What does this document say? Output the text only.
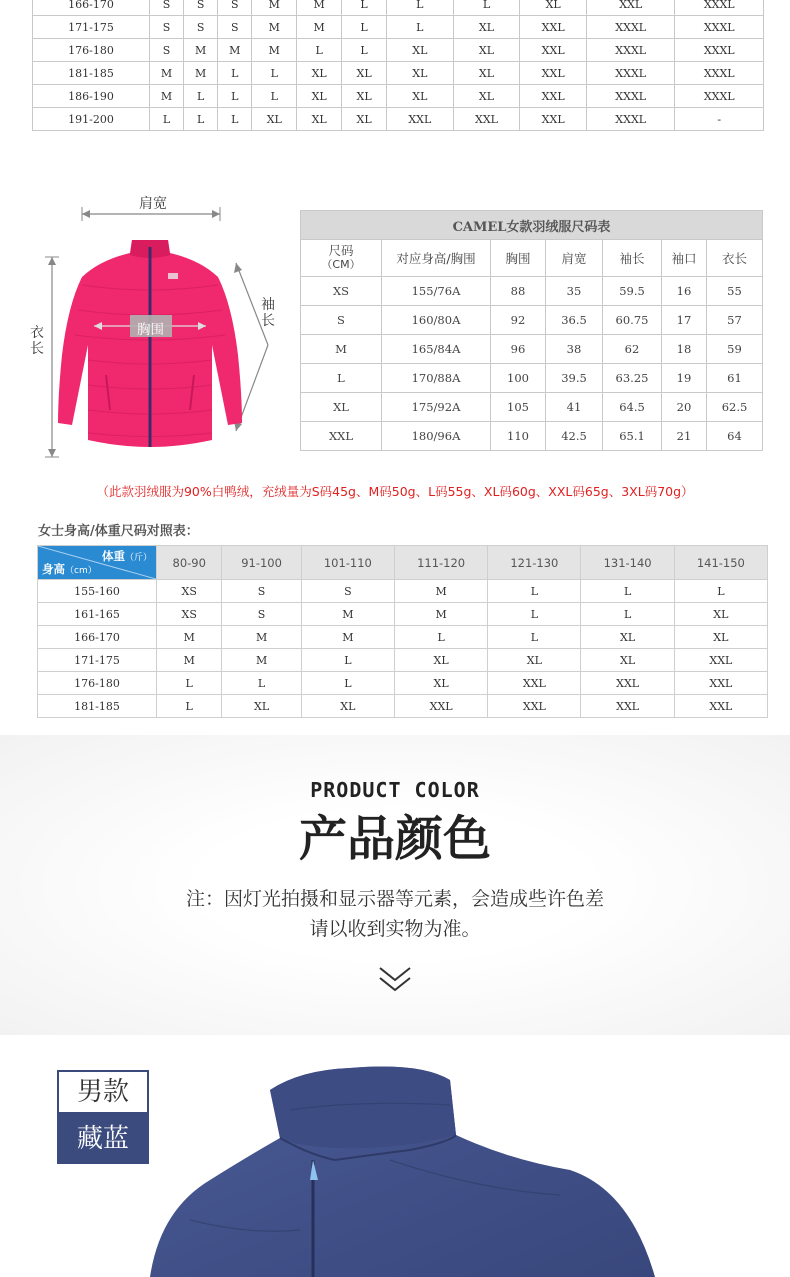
166-170	S	S	S	M	M	L	L	L	XL	XXL	XXXL
171-175	S	S	S	M	M	L	L	XL	XXL	XXXL	XXXL
176-180	S	M	M	M	L	L	XL	XL	XXL	XXXL	XXXL
181-185	M	M	L	L	XL	XL	XL	XL	XXL	XXXL	XXXL
186-190	M	L	L	L	XL	XL	XL	XL	XXL	XXXL	XXXL
191-200	L	L	L	XL	XL	XL	XXL	XXL	XXL	XXXL	-
肩宽
胸围
袖
长
衣
长
CAMEL女款羽绒服尺码表						

尺码
（CM）	对应身高/胸围	胸围	肩宽	袖长	袖口	衣长
XS	155/76A	88	35	59.5	16	55
S	160/80A	92	36.5	60.75	17	57
M	165/84A	96	38	62	18	59
L	170/88A	100	39.5	63.25	19	61
XL	175/92A	105	41	64.5	20	62.5
XXL	180/96A	110	42.5	65.1	21	64
（此款羽绒服为90%白鸭绒，充绒量为S码45g、M码50g、L码55g、XL码60g、XXL码65g、3XL码70g）
女士身高/体重尺码对照表：
体重（斤）
身高（cm）	80-90	91-100	101-110	111-120	121-130	131-140	141-150
155-160	XS	S	S	M	L	L	L
161-165	XS	S	M	M	L	L	XL
166-170	M	M	M	L	L	XL	XL
171-175	M	M	L	XL	XL	XL	XXL
176-180	L	L	L	XL	XXL	XXL	XXL
181-185	L	XL	XL	XXL	XXL	XXL	XXL
PRODUCT COLOR
产品颜色
注：因灯光拍摄和显示器等元素，会造成些许色差
请以收到实物为准。
男款
藏蓝
